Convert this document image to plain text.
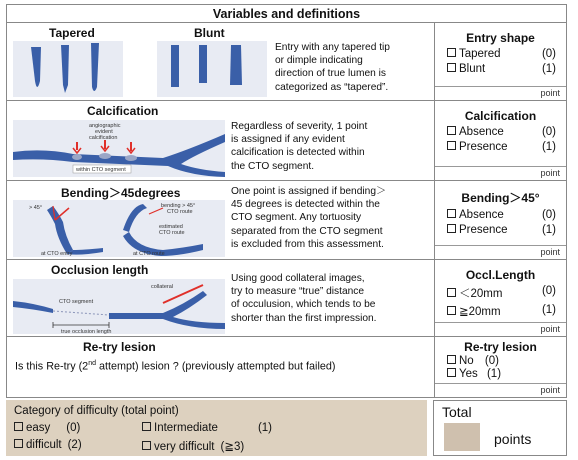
Variables and definitions
Tapered	Blunt
Entry with any tapered tip
or dimple indicating
direction of true lumen is
categorized as “tapered”.
Entry shape
Tapered	(0)
Blunt	(1)
point
Calcification
angiographic
evident
calcification
within CTO segment
Regardless of severity, 1 point
is assigned if any evident
calcification is detected within
the CTO segment.
Calcification
Absence	(0)
Presence	(1)
point
Bending＞45degrees
> 45°	bending > 45°
CTO route
estimated
CTO route
at CTO entry	at CTO route
One point is assigned if bending＞
45 degrees is detected within the
CTO segment. Any tortuosity
separated from the CTO segment
is excluded from this assessment.
Bending＞45°
Absence	(0)
Presence	(1)
point
Occlusion length
collateral
CTO segment
true occlusion length
Using good collateral images,
try to measure “true” distance
of occulusion, which tends to be
shorter than the first impression.
Occl.Length
＜20mm	(0)
≧20mm	(1)
point
Re-try lesion
Is this Re-try (2nd attempt) lesion ? (previously attempted but failed)
Re-try lesion
No (0)
Yes (1)
point
Category of difficulty (total point)
easy (0)	Intermediate	(1)
difficult (2)	very difficult (≧3)
Total
points
